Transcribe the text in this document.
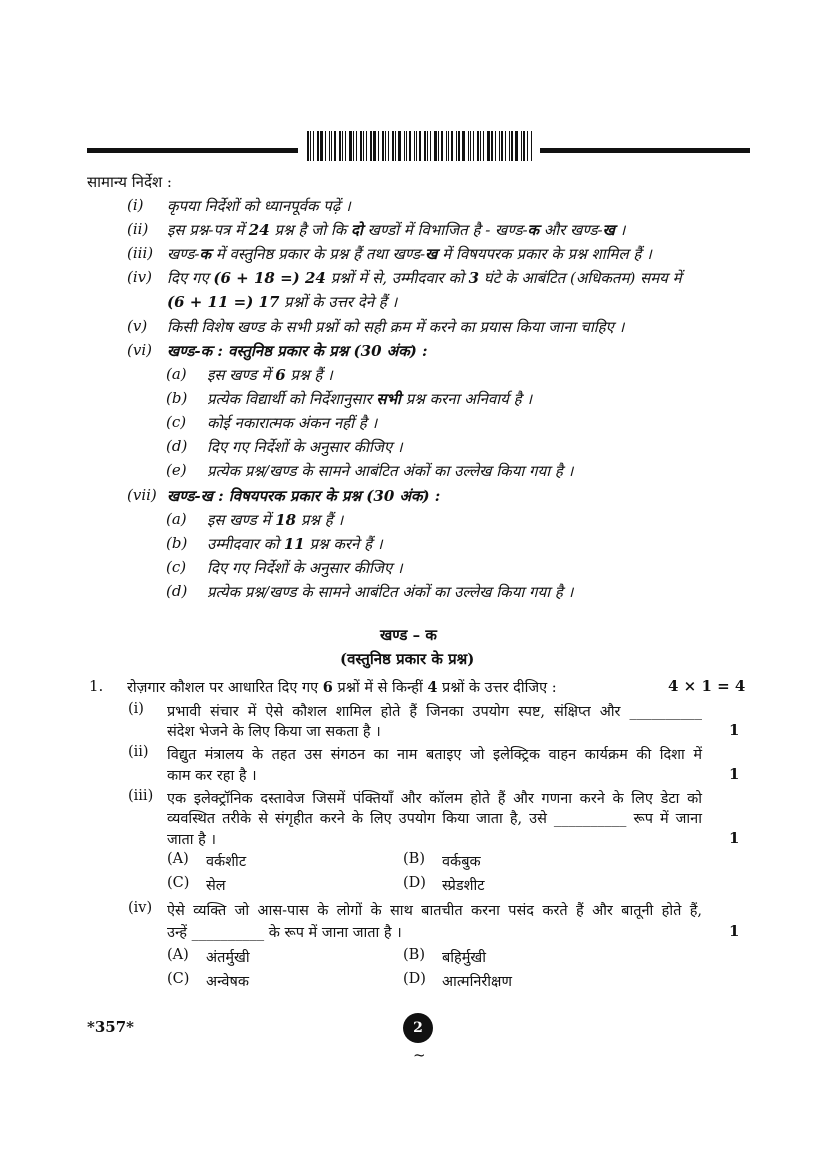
सामान्य निर्देश :
(i) कृपया निर्देशों को ध्यानपूर्वक पढ़ें ।
(ii) इस प्रश्न-पत्र में 24 प्रश्न है जो कि दो खण्डों में विभाजित है - खण्ड-क और खण्ड-ख ।
(iii) खण्ड-क में वस्तुनिष्ठ प्रकार के प्रश्न हैं तथा खण्ड-ख में विषयपरक प्रकार के प्रश्न शामिल हैं ।
(iv) दिए गए (6 + 18 =) 24 प्रश्नों में से, उम्मीदवार को 3 घंटे के आबंटित (अधिकतम) समय में
(6 + 11 =) 17 प्रश्नों के उत्तर देने हैं ।
(v) किसी विशेष खण्ड के सभी प्रश्नों को सही क्रम में करने का प्रयास किया जाना चाहिए ।
(vi) खण्ड-क : वस्तुनिष्ठ प्रकार के प्रश्न (30 अंक) :
(a) इस खण्ड में 6 प्रश्न हैं ।
(b) प्रत्येक विद्यार्थी को निर्देशानुसार सभी प्रश्न करना अनिवार्य है ।
(c) कोई नकारात्मक अंकन नहीं है ।
(d) दिए गए निर्देशों के अनुसार कीजिए ।
(e) प्रत्येक प्रश्न/खण्ड के सामने आबंटित अंकों का उल्लेख किया गया है ।
(vii) खण्ड-ख : विषयपरक प्रकार के प्रश्न (30 अंक) :
(a) इस खण्ड में 18 प्रश्न हैं ।
(b) उम्मीदवार को 11 प्रश्न करने हैं ।
(c) दिए गए निर्देशों के अनुसार कीजिए ।
(d) प्रत्येक प्रश्न/खण्ड के सामने आबंटित अंकों का उल्लेख किया गया है ।
खण्ड – क
(वस्तुनिष्ठ प्रकार के प्रश्न)
1. रोज़गार कौशल पर आधारित दिए गए 6 प्रश्नों में से किन्हीं 4 प्रश्नों के उत्तर दीजिए :	4 × 1 = 4
(i) प्रभावी संचार में ऐसे कौशल शामिल होते हैं जिनका उपयोग स्पष्ट, संक्षिप्त और __________
संदेश भेजने के लिए किया जा सकता है ।	1
(ii) विद्युत मंत्रालय के तहत उस संगठन का नाम बताइए जो इलेक्ट्रिक वाहन कार्यक्रम की दिशा में
काम कर रहा है ।	1
(iii) एक इलेक्ट्रॉनिक दस्तावेज जिसमें पंक्तियाँ और कॉलम होते हैं और गणना करने के लिए डेटा को
व्यवस्थित तरीके से संगृहीत करने के लिए उपयोग किया जाता है, उसे __________ रूप में जाना
जाता है ।	1
(A) वर्कशीट	(B) वर्कबुक
(C) सेल	(D) स्प्रेडशीट
(iv) ऐसे व्यक्ति जो आस-पास के लोगों के साथ बातचीत करना पसंद करते हैं और बातूनी होते हैं,
उन्हें __________ के रूप में जाना जाता है ।	1
(A) अंतर्मुखी	(B) बहिर्मुखी
(C) अन्वेषक	(D) आत्मनिरीक्षण
*357*	2
~
